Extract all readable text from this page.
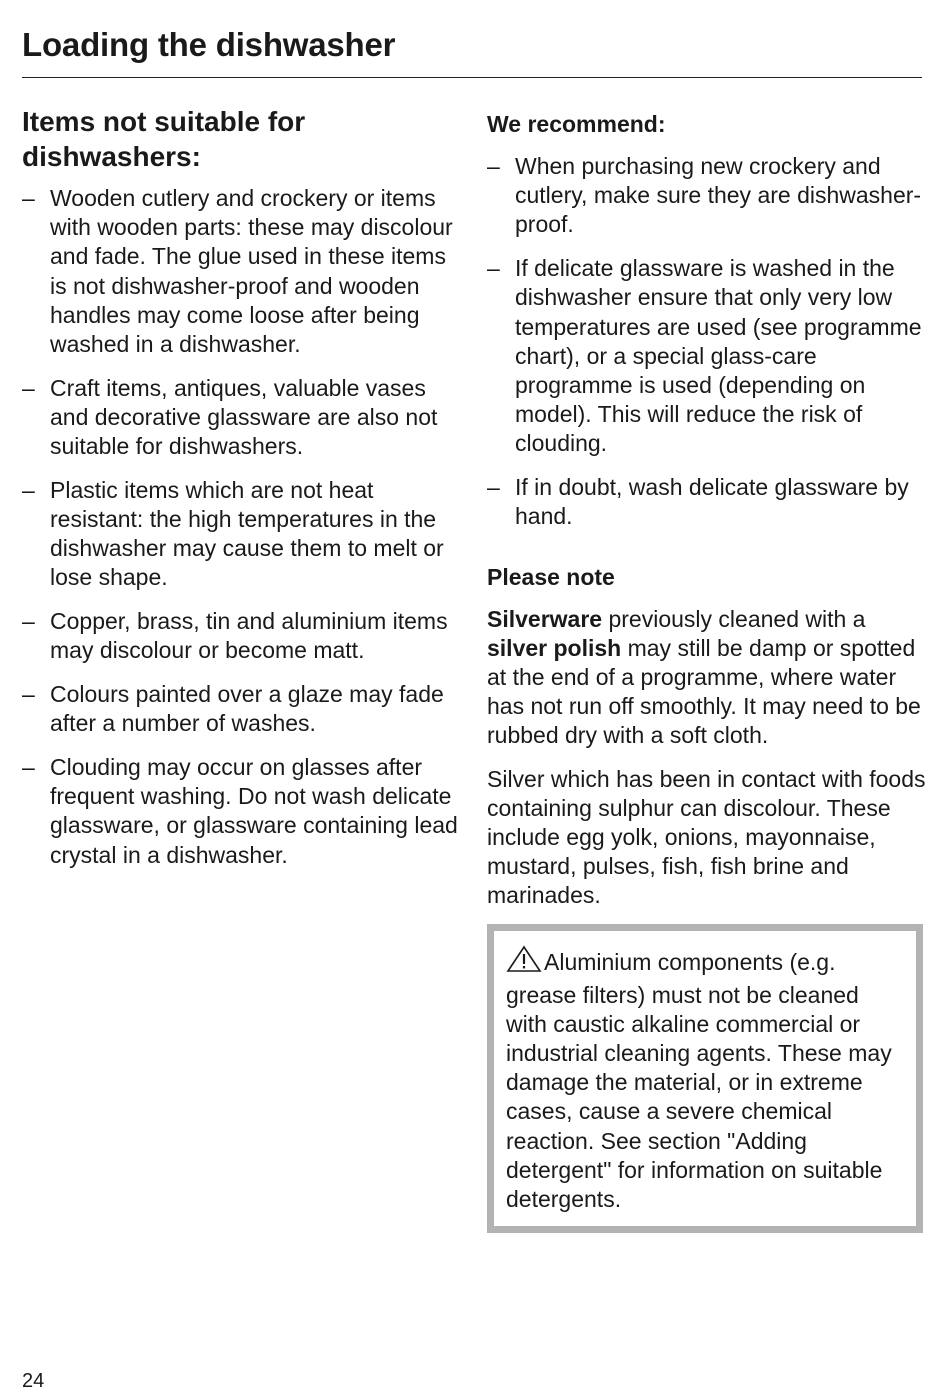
Loading the dishwasher
Items not suitable for dishwashers:
– Wooden cutlery and crockery or items with wooden parts: these may discolour and fade. The glue used in these items is not dishwasher-proof and wooden handles may come loose after being washed in a dishwasher.
– Craft items, antiques, valuable vases and decorative glassware are also not suitable for dishwashers.
– Plastic items which are not heat resistant: the high temperatures in the dishwasher may cause them to melt or lose shape.
– Copper, brass, tin and aluminium items may discolour or become matt.
– Colours painted over a glaze may fade after a number of washes.
– Clouding may occur on glasses after frequent washing. Do not wash delicate glassware, or glassware containing lead crystal in a dishwasher.
We recommend:
– When purchasing new crockery and cutlery, make sure they are dishwasher-proof.
– If delicate glassware is washed in the dishwasher ensure that only very low temperatures are used (see programme chart), or a special glass-care programme is used (depending on model). This will reduce the risk of clouding.
– If in doubt, wash delicate glassware by hand.
Please note

Silverware previously cleaned with a silver polish may still be damp or spotted at the end of a programme, where water has not run off smoothly. It may need to be rubbed dry with a soft cloth.

Silver which has been in contact with foods containing sulphur can discolour. These include egg yolk, onions, mayonnaise, mustard, pulses, fish, fish brine and marinades.

Aluminium components (e.g. grease filters) must not be cleaned with caustic alkaline commercial or industrial cleaning agents. These may damage the material, or in extreme cases, cause a severe chemical reaction. See section "Adding detergent" for information on suitable detergents.
24
